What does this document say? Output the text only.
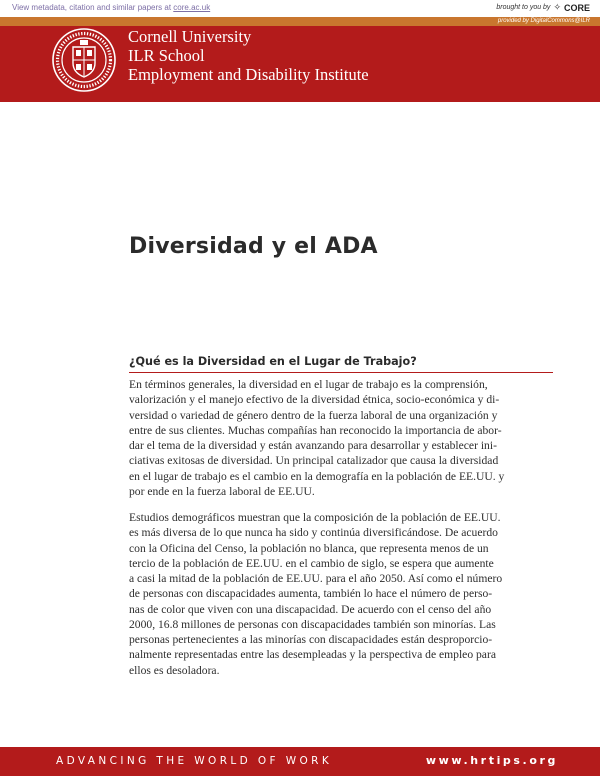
View metadata, citation and similar papers at core.ac.uk	brought to you by ✧ CORE
provided by DigitalCommons@ILR
Cornell University
ILR School
Employment and Disability Institute
Diversidad y el ADA
¿Qué es la Diversidad en el Lugar de Trabajo?

En términos generales, la diversidad en el lugar de trabajo es la comprensión,
valorización y el manejo efectivo de la diversidad étnica, socio-económica y di-
versidad o variedad de género dentro de la fuerza laboral de una organización y
entre de sus clientes. Muchas compañías han reconocido la importancia de abor-
dar el tema de la diversidad y están avanzando para desarrollar y establecer ini-
ciativas exitosas de diversidad. Un principal catalizador que causa la diversidad
en el lugar de trabajo es el cambio en la demografía en la población de EE.UU. y
por ende en la fuerza laboral de EE.UU.

Estudios demográficos muestran que la composición de la población de EE.UU.
es más diversa de lo que nunca ha sido y continúa diversificándose. De acuerdo
con la Oficina del Censo, la población no blanca, que representa menos de un
tercio de la población de EE.UU. en el cambio de siglo, se espera que aumente
a casi la mitad de la población de EE.UU. para el año 2050. Así como el número
de personas con discapacidades aumenta, también lo hace el número de perso-
nas de color que viven con una discapacidad. De acuerdo con el censo del año
2000, 16.8 millones de personas con discapacidades también son minorías. Las
personas pertenecientes a las minorías con discapacidades están desproporcio-
nalmente representadas entre las desempleadas y la perspectiva de empleo para
ellos es desoladora.

ADVANCING THE WORLD OF WORK	www.hrtips.org
